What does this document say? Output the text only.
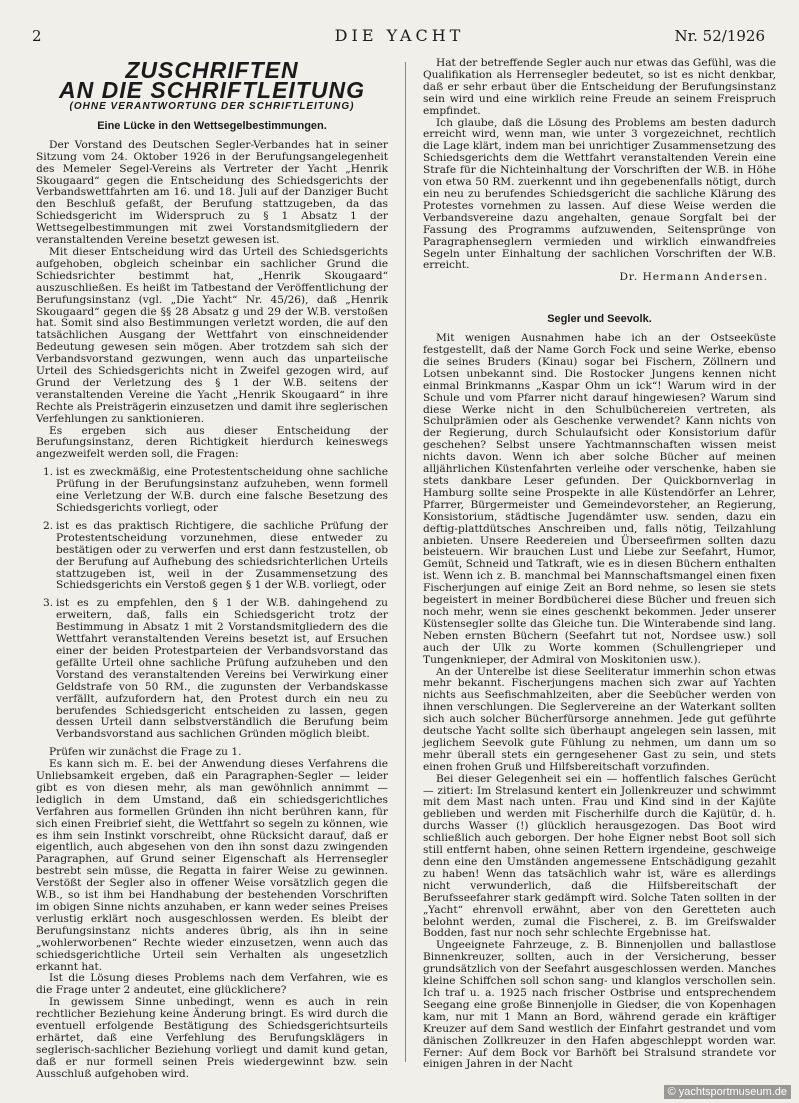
2	DIE YACHT	Nr. 52/1926

ZUSCHRIFTEN

AN DIE SCHRIFTLEITUNG

(OHNE VERANTWORTUNG DER SCHRIFTLEITUNG)

Eine Lücke in den Wettsegelbestimmungen.

Der Vorstand des Deutschen Segler-Verbandes hat in seiner Sitzung vom 24. Oktober 1926 in der Berufungsangelegenheit des Memeler Segel-Vereins als Vertreter der Yacht „Henrik Skougaard“ gegen die Entscheidung des Schiedsgerichts der Verbandswettfahrten am 16. und 18. Juli auf der Danziger Bucht den Beschluß gefaßt, der Berufung stattzugeben, da das Schiedsgericht im Widerspruch zu § 1 Absatz 1 der Wettsegelbestimmungen mit zwei Vorstandsmitgliedern der veranstaltenden Vereine besetzt gewesen ist.

Mit dieser Entscheidung wird das Urteil des Schiedsgerichts aufgehoben, obgleich scheinbar ein sachlicher Grund die Schiedsrichter bestimmt hat, „Henrik Skougaard“ auszuschließen. Es heißt im Tatbestand der Veröffentlichung der Berufungsinstanz (vgl. „Die Yacht“ Nr. 45/26), daß „Henrik Skougaard“ gegen die §§ 28 Absatz g und 29 der W.B. verstoßen hat. Somit sind also Bestimmungen verletzt worden, die auf den tatsächlichen Ausgang der Wettfahrt von einschneidender Bedeutung gewesen sein mögen. Aber trotzdem sah sich der Verbandsvorstand gezwungen, wenn auch das unparteiische Urteil des Schiedsgerichts nicht in Zweifel gezogen wird, auf Grund der Verletzung des § 1 der W.B. seitens der veranstaltenden Vereine die Yacht „Henrik Skougaard“ in ihre Rechte als Preisträgerin einzusetzen und damit ihre seglerischen Verfehlungen zu sanktionieren.

Es ergeben sich aus dieser Entscheidung der Berufungsinstanz, deren Richtigkeit hierdurch keineswegs angezweifelt werden soll, die Fragen:

1. ist es zweckmäßig, eine Protestentscheidung ohne sachliche Prüfung in der Berufungsinstanz aufzuheben, wenn formell eine Verletzung der W.B. durch eine falsche Besetzung des Schiedsgerichts vorliegt, oder
2. ist es das praktisch Richtigere, die sachliche Prüfung der Protestentscheidung vorzunehmen, diese entweder zu bestätigen oder zu verwerfen und erst dann festzustellen, ob der Berufung auf Aufhebung des schiedsrichterlichen Urteils stattzugeben ist, weil in der Zusammensetzung des Schiedsgerichts ein Verstoß gegen § 1 der W.B. vorliegt, oder
3. ist es zu empfehlen, den § 1 der W.B. dahingehend zu erweitern, daß, falls ein Schiedsgericht trotz der Bestimmung in Absatz 1 mit 2 Vorstandsmitgliedern des die Wettfahrt veranstaltenden Vereins besetzt ist, auf Ersuchen einer der beiden Protestparteien der Verbandsvorstand das gefällte Urteil ohne sachliche Prüfung aufzuheben und den Vorstand des veranstaltenden Vereins bei Verwirkung einer Geldstrafe von 50 RM., die zugunsten der Verbandskasse verfällt, aufzufordern hat, den Protest durch ein neu zu berufendes Schiedsgericht entscheiden zu lassen, gegen dessen Urteil dann selbstverständlich die Berufung beim Verbandsvorstand aus sachlichen Gründen möglich bleibt.

Prüfen wir zunächst die Frage zu 1.

Es kann sich m. E. bei der Anwendung dieses Verfahrens die Unliebsamkeit ergeben, daß ein Paragraphen-Segler — leider gibt es von diesen mehr, als man gewöhnlich annimmt — lediglich in dem Umstand, daß ein schiedsgerichtliches Verfahren aus formellen Gründen ihn nicht berühren kann, für sich einen Freibrief sieht, die Wettfahrt so segeln zu können, wie es ihm sein Instinkt vorschreibt, ohne Rücksicht darauf, daß er eigentlich, auch abgesehen von den ihn sonst dazu zwingenden Paragraphen, auf Grund seiner Eigenschaft als Herrensegler bestrebt sein müsse, die Regatta in fairer Weise zu gewinnen. Verstößt der Segler also in offener Weise vorsätzlich gegen die W.B., so ist ihm bei Handhabung der bestehenden Vorschriften im obigen Sinne nichts anzuhaben, er kann weder seines Preises verlustig erklärt noch ausgeschlossen werden. Es bleibt der Berufungsinstanz nichts anderes übrig, als ihn in seine „wohlerworbenen“ Rechte wieder einzusetzen, wenn auch das schiedsgerichtliche Urteil sein Verhalten als ungesetzlich erkannt hat.

Ist die Lösung dieses Problems nach dem Verfahren, wie es die Frage unter 2 andeutet, eine glücklichere?

In gewissem Sinne unbedingt, wenn es auch in rein rechtlicher Beziehung keine Änderung bringt. Es wird durch die eventuell erfolgende Bestätigung des Schiedsgerichtsurteils erhärtet, daß eine Verfehlung des Berufungsklägers in seglerisch-sachlicher Beziehung vorliegt und damit kund getan, daß er nur formell seinen Preis wiedergewinnt bzw. sein Ausschluß aufgehoben wird.

Hat der betreffende Segler auch nur etwas das Gefühl, was die Qualifikation als Herrensegler bedeutet, so ist es nicht denkbar, daß er sehr erbaut über die Entscheidung der Berufungsinstanz sein wird und eine wirklich reine Freude an seinem Freispruch empfindet.

Ich glaube, daß die Lösung des Problems am besten dadurch erreicht wird, wenn man, wie unter 3 vorgezeichnet, rechtlich die Lage klärt, indem man bei unrichtiger Zusammensetzung des Schiedsgerichts dem die Wettfahrt veranstaltenden Verein eine Strafe für die Nichteinhaltung der Vorschriften der W.B. in Höhe von etwa 50 RM. zuerkennt und ihn gegebenenfalls nötigt, durch ein neu zu berufendes Schiedsgericht die sachliche Klärung des Protestes vornehmen zu lassen. Auf diese Weise werden die Verbandsvereine dazu angehalten, genaue Sorgfalt bei der Fassung des Programms aufzuwenden, Seitensprünge von Paragraphenseglern vermieden und wirklich einwandfreies Segeln unter Einhaltung der sachlichen Vorschriften der W.B. erreicht.

Dr. Hermann Andersen.

Segler und Seevolk.

Mit wenigen Ausnahmen habe ich an der Ostseeküste festgestellt, daß der Name Gorch Fock und seine Werke, ebenso die seines Bruders (Kinau) sogar bei Fischern, Zöllnern und Lotsen unbekannt sind. Die Rostocker Jungens kennen nicht einmal Brinkmanns „Kaspar Ohm un ick“! Warum wird in der Schule und vom Pfarrer nicht darauf hingewiesen? Warum sind diese Werke nicht in den Schulbüchereien vertreten, als Schulprämien oder als Geschenke verwendet? Kann nichts von der Regierung, durch Schulaufsicht oder Konsistorium dafür geschehen? Selbst unsere Yachtmannschaften wissen meist nichts davon. Wenn ich aber solche Bücher auf meinen alljährlichen Küstenfahrten verleihe oder verschenke, haben sie stets dankbare Leser gefunden. Der Quickbornverlag in Hamburg sollte seine Prospekte in alle Küstendörfer an Lehrer, Pfarrer, Bürgermeister und Gemeindevorsteher, an Regierung, Konsistorium, städtische Jugendämter usw. senden, dazu ein deftig-plattdütsches Anschreiben und, falls nötig, Teilzahlung anbieten. Unsere Reedereien und Überseefirmen sollten dazu beisteuern. Wir brauchen Lust und Liebe zur Seefahrt, Humor, Gemüt, Schneid und Tatkraft, wie es in diesen Büchern enthalten ist. Wenn ich z. B. manchmal bei Mannschaftsmangel einen fixen Fischerjungen auf einige Zeit an Bord nehme, so lesen sie stets begeistert in meiner Bordbücherei diese Bücher und freuen sich noch mehr, wenn sie eines geschenkt bekommen. Jeder unserer Küstensegler sollte das Gleiche tun. Die Winterabende sind lang. Neben ernsten Büchern (Seefahrt tut not, Nordsee usw.) soll auch der Ulk zu Worte kommen (Schullengrieper und Tungenknieper, der Admiral von Moskitonien usw.).

An der Unterelbe ist diese Seeliteratur immerhin schon etwas mehr bekannt. Fischerjungens machen sich zwar auf Yachten nichts aus Seefischmahlzeiten, aber die Seebücher werden von ihnen verschlungen. Die Seglervereine an der Waterkant sollten sich auch solcher Bücherfürsorge annehmen. Jede gut geführte deutsche Yacht sollte sich überhaupt angelegen sein lassen, mit jeglichem Seevolk gute Fühlung zu nehmen, um dann um so mehr überall stets ein gerngesehener Gast zu sein, und stets einen frohen Gruß und Hilfsbereitschaft vorzufinden.

Bei dieser Gelegenheit sei ein — hoffentlich falsches Gerücht — zitiert: Im Strelasund kentert ein Jollenkreuzer und schwimmt mit dem Mast nach unten. Frau und Kind sind in der Kajüte geblieben und werden mit Fischerhilfe durch die Kajütür, d. h. durchs Wasser (!) glücklich herausgezogen. Das Boot wird schließlich auch geborgen. Der hohe Eigner nebst Boot soll sich still entfernt haben, ohne seinen Rettern irgendeine, geschweige denn eine den Umständen angemessene Entschädigung gezahlt zu haben! Wenn das tatsächlich wahr ist, wäre es allerdings nicht verwunderlich, daß die Hilfsbereitschaft der Berufsseefahrer stark gedämpft wird. Solche Taten sollten in der „Yacht“ ehrenvoll erwähnt, aber von den Geretteten auch belohnt werden, zumal die Fischerei, z. B. im Greifswalder Bodden, fast nur noch sehr schlechte Ergebnisse hat.

Ungeeignete Fahrzeuge, z. B. Binnenjollen und ballastlose Binnenkreuzer, sollten, auch in der Versicherung, besser grundsätzlich von der Seefahrt ausgeschlossen werden. Manches kleine Schiffchen soll schon sang- und klanglos verschollen sein. Ich traf u. a. 1925 nach frischer Ostbrise und entsprechendem Seegang eine große Binnenjolle in Giedser, die von Kopenhagen kam, nur mit 1 Mann an Bord, während gerade ein kräftiger Kreuzer auf dem Sand westlich der Einfahrt gestrandet und vom dänischen Zollkreuzer in den Hafen abgeschleppt worden war. Ferner: Auf dem Bock vor Barhöft bei Stralsund strandete vor einigen Jahren in der Nacht

© yachtsportmuseum.de
